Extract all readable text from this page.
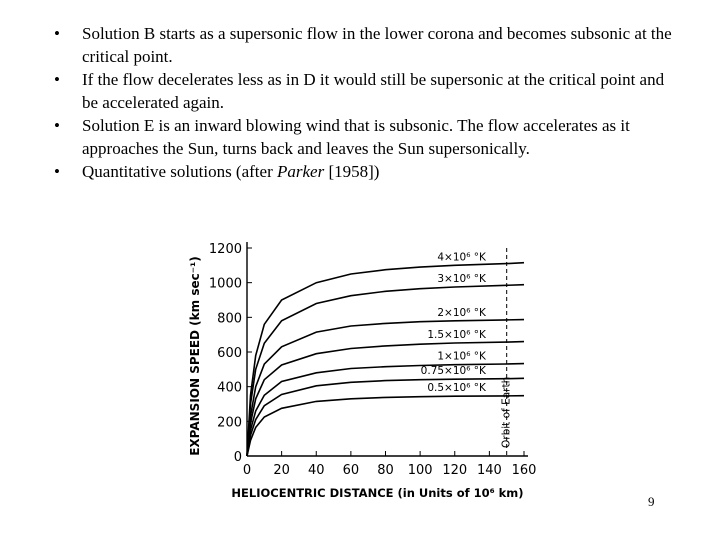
• Solution B starts as a supersonic flow in the lower corona and becomes subsonic at the critical point.
• If the flow decelerates less as in D it would still be supersonic at the critical point and be accelerated again.
• Solution E is an inward blowing wind that is subsonic. The flow accelerates as it approaches the Sun, turns back and leaves the Sun supersonically.
• Quantitative solutions (after Parker [1958])
0
200
400
600
800
1000
1200
0 20 40 60 80 100 120 140 160
EXPANSION SPEED (km sec⁻¹)
HELIOCENTRIC DISTANCE (in Units of 10⁶ km)
Orbit of Earth
4×10⁶ °K
3×10⁶ °K
2×10⁶ °K
1.5×10⁶ °K
1×10⁶ °K
0.75×10⁶ °K
0.5×10⁶ °K
9
